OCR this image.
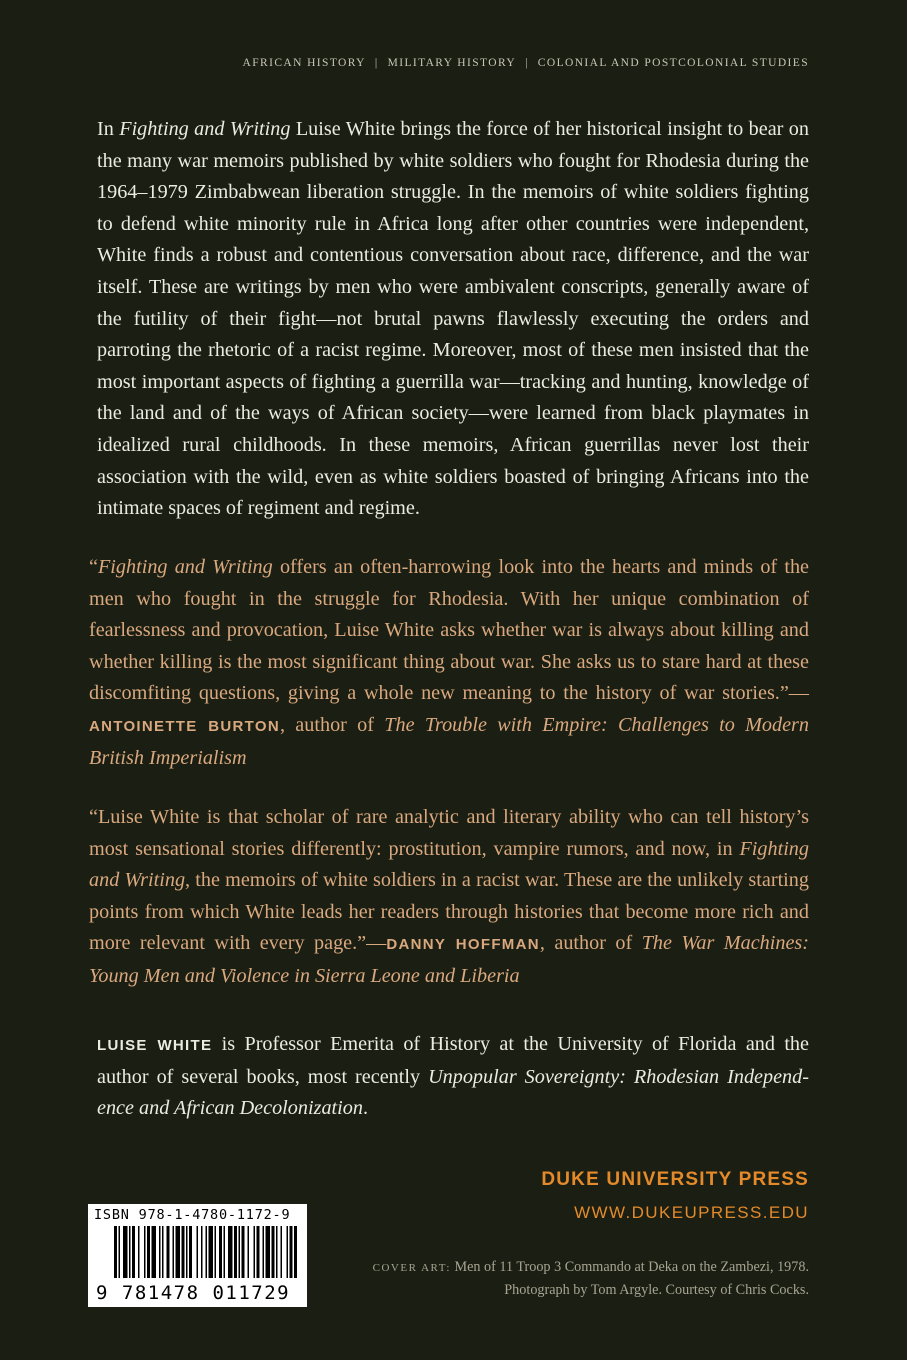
AFRICAN HISTORY | MILITARY HISTORY | COLONIAL AND POSTCOLONIAL STUDIES

In Fighting and Writing Luise White brings the force of her historical insight to bear on the many war memoirs published by white soldiers who fought for Rhodesia during the 1964–1979 Zimbabwean liberation struggle. In the memoirs of white soldiers fighting to defend white minority rule in Africa long after other countries were independent, White finds a robust and contentious conversation about race, difference, and the war itself. These are writings by men who were ambivalent conscripts, generally aware of the futility of their fight—not brutal pawns flawlessly executing the orders and parroting the rhetoric of a racist regime. Moreover, most of these men insisted that the most important aspects of fighting a guerrilla war—tracking and hunting, knowledge of the land and of the ways of African society—were learned from black playmates in idealized rural childhoods. In these memoirs, African guerrillas never lost their association with the wild, even as white soldiers boasted of bringing Africans into the intimate spaces of regiment and regime.

“Fighting and Writing offers an often-harrowing look into the hearts and minds of the men who fought in the struggle for Rhodesia. With her unique combination of fearlessness and provocation, Luise White asks whether war is always about killing and whether killing is the most significant thing about war. She asks us to stare hard at these discomfiting questions, giving a whole new meaning to the history of war stories.”—ANTOINETTE BURTON, author of The Trouble with Empire: Challenges to Modern British Imperialism

“Luise White is that scholar of rare analytic and literary ability who can tell history’s most sensational stories differently: prostitution, vampire rumors, and now, in Fighting and Writing, the memoirs of white soldiers in a racist war. These are the unlikely starting points from which White leads her readers through histories that become more rich and more relevant with every page.”—DANNY HOFFMAN, author of The War Machines: Young Men and Violence in Sierra Leone and Liberia

LUISE WHITE is Professor Emerita of History at the University of Florida and the author of several books, most recently Unpopular Sovereignty: Rhodesian Independence and African Decolonization.

ISBN 978-1-4780-1172-9
9 781478 011729
DUKE UNIVERSITY PRESS
WWW.DUKEUPRESS.EDU
COVER ART: Men of 11 Troop 3 Commando at Deka on the Zambezi, 1978. Photograph by Tom Argyle. Courtesy of Chris Cocks.
